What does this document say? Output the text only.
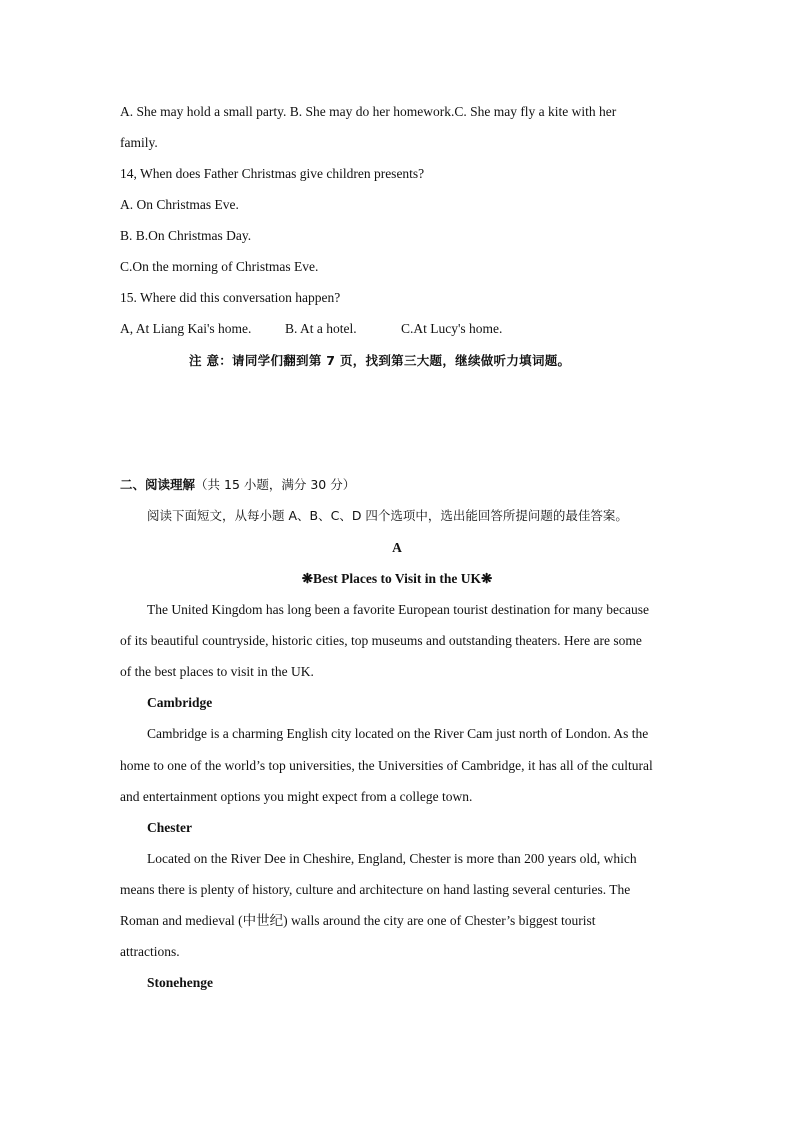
A. She may hold a small party. B. She may do her homework.C. She may fly a kite with her
family.
14, When does Father Christmas give children presents?
A. On Christmas Eve.
B. B.On Christmas Day.
C.On the morning of Christmas Eve.
15. Where did this conversation happen?
A, At Liang Kai's home. B. At a hotel.	C.At Lucy's home.
注 意：请同学们翻到第 7 页，找到第三大题，继续做听力填词题。
二、阅读理解（共 15 小题，满分 30 分）
阅读下面短文，从每小题 A、B、C、D 四个选项中，选出能回答所提问题的最佳答案。
A
❋Best Places to Visit in the UK❋
The United Kingdom has long been a favorite European tourist destination for many because
of its beautiful countryside, historic cities, top museums and outstanding theaters. Here are some
of the best places to visit in the UK.
Cambridge
Cambridge is a charming English city located on the River Cam just north of London. As the
home to one of the world’s top universities, the Universities of Cambridge, it has all of the cultural
and entertainment options you might expect from a college town.
Chester
Located on the River Dee in Cheshire, England, Chester is more than 200 years old, which
means there is plenty of history, culture and architecture on hand lasting several centuries. The
Roman and medieval (中世纪) walls around the city are one of Chester’s biggest tourist
attractions.
Stonehenge
